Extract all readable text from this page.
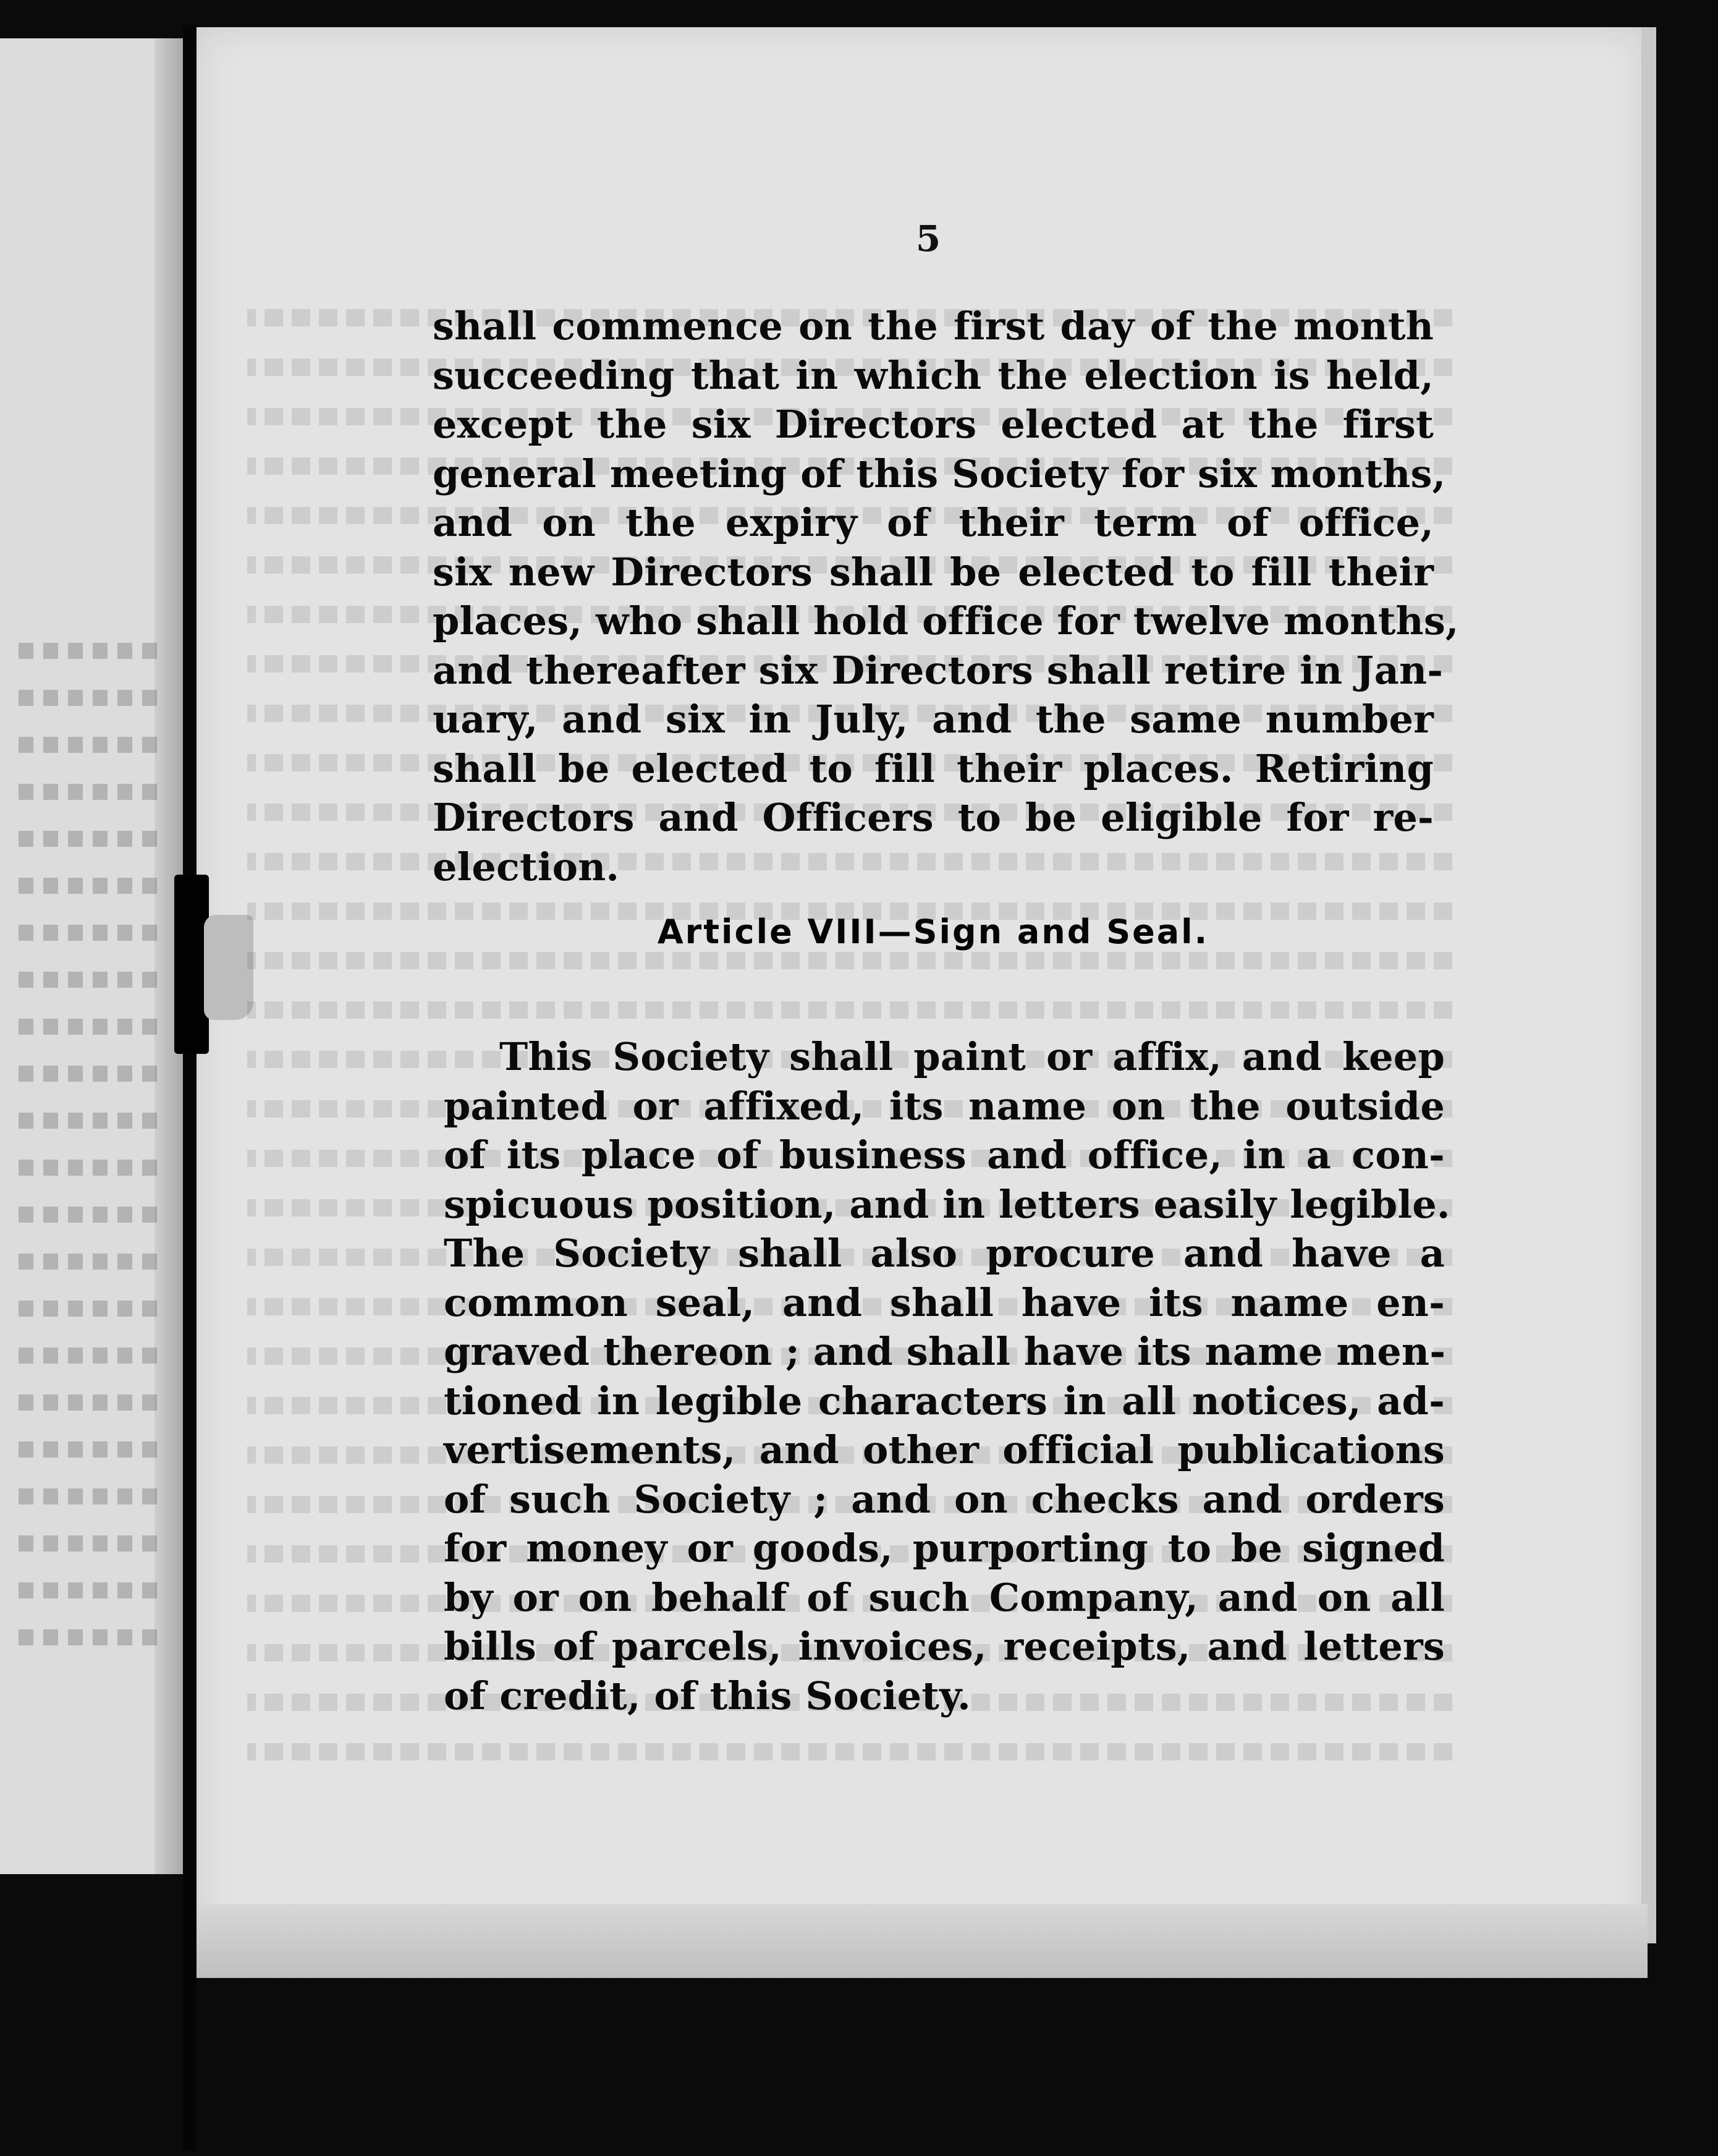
5

shall commence on the first day of the month
succeeding that in which the election is held,
except the six Directors elected at the first
general meeting of this Society for six months,
and on the expiry of their term of office,
six new Directors shall be elected to fill their
places, who shall hold office for twelve months,
and thereafter six Directors shall retire in Jan-
uary, and six in July, and the same number
shall be elected to fill their places. Retiring
Directors and Officers to be eligible for re-
election.

Article VIII—Sign and Seal.

This Society shall paint or affix, and keep
painted or affixed, its name on the outside
of its place of business and office, in a con-
spicuous position, and in letters easily legible.
The Society shall also procure and have a
common seal, and shall have its name en-
graved thereon ; and shall have its name men-
tioned in legible characters in all notices, ad-
vertisements, and other official publications
of such Society ; and on checks and orders
for money or goods, purporting to be signed
by or on behalf of such Company, and on all
bills of parcels, invoices, receipts, and letters
of credit, of this Society.
